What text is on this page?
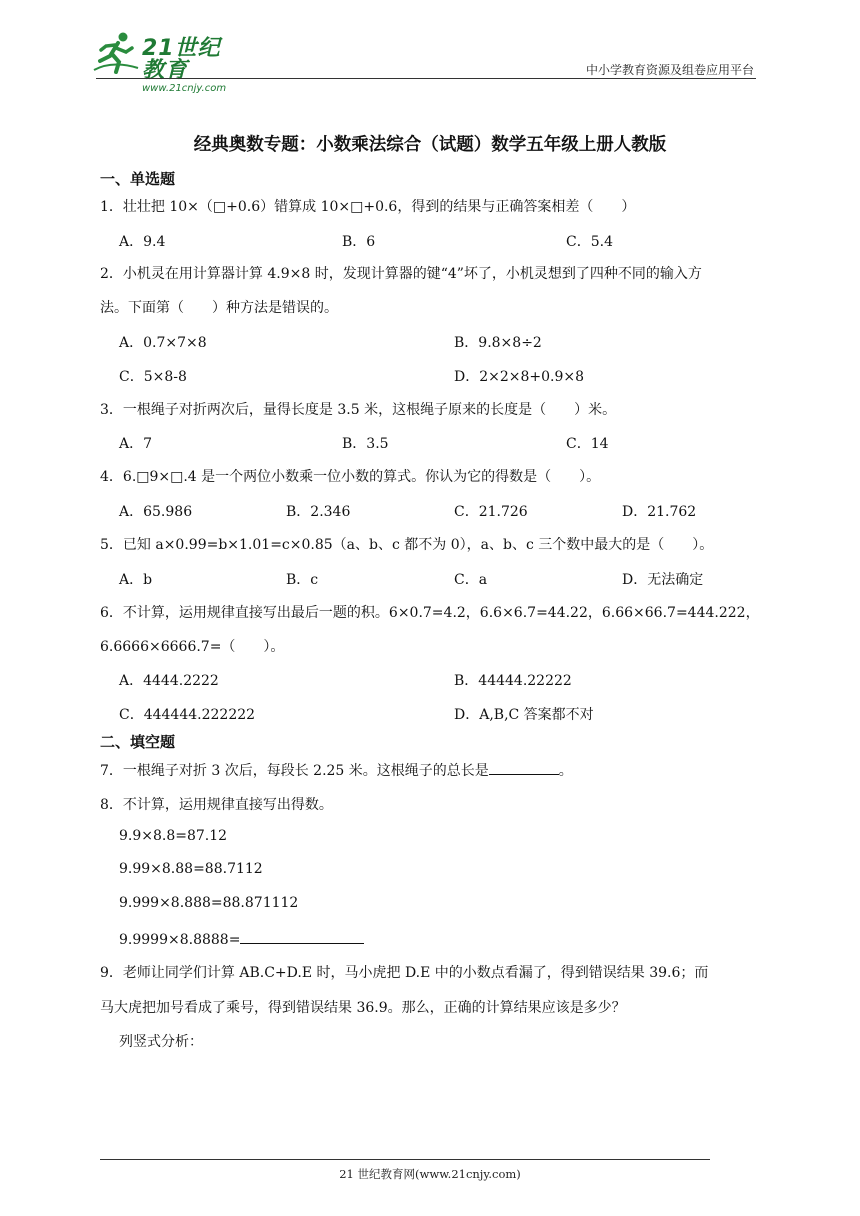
21世纪教育
www.21cnjy.com
中小学教育资源及组卷应用平台
经典奥数专题：小数乘法综合（试题）数学五年级上册人教版
一、单选题
1．壮壮把 10×（□+0.6）错算成 10×□+0.6，得到的结果与正确答案相差（　　）
A．9.4	B．6	C．5.4
2．小机灵在用计算器计算 4.9×8 时，发现计算器的键“4”坏了，小机灵想到了四种不同的输入方
法。下面第（　　）种方法是错误的。
A．0.7×7×8	B．9.8×8÷2
C．5×8-8	D．2×2×8+0.9×8
3．一根绳子对折两次后，量得长度是 3.5 米，这根绳子原来的长度是（　　）米。
A．7	B．3.5	C．14
4．6.□9×□.4 是一个两位小数乘一位小数的算式。你认为它的得数是（　　）。
A．65.986	B．2.346	C．21.726	D．21.762
5．已知 a×0.99=b×1.01=c×0.85（a、b、c 都不为 0），a、b、c 三个数中最大的是（　　）。
A．b	B．c	C．a	D．无法确定
6．不计算，运用规律直接写出最后一题的积。6×0.7=4.2，6.6×6.7=44.22，6.66×66.7=444.222，
6.6666×6666.7=（　　）。
A．4444.2222	B．44444.22222
C．444444.222222	D．A,B,C 答案都不对
二、填空题
7．一根绳子对折 3 次后，每段长 2.25 米。这根绳子的总长是	。
8．不计算，运用规律直接写出得数。
9.9×8.8=87.12
9.99×8.88=88.7112
9.999×8.888=88.871112
9.9999×8.8888=
9．老师让同学们计算 AB.C+D.E 时，马小虎把 D.E 中的小数点看漏了，得到错误结果 39.6；而
马大虎把加号看成了乘号，得到错误结果 36.9。那么，正确的计算结果应该是多少？
列竖式分析：
21 世纪教育网(www.21cnjy.com)
